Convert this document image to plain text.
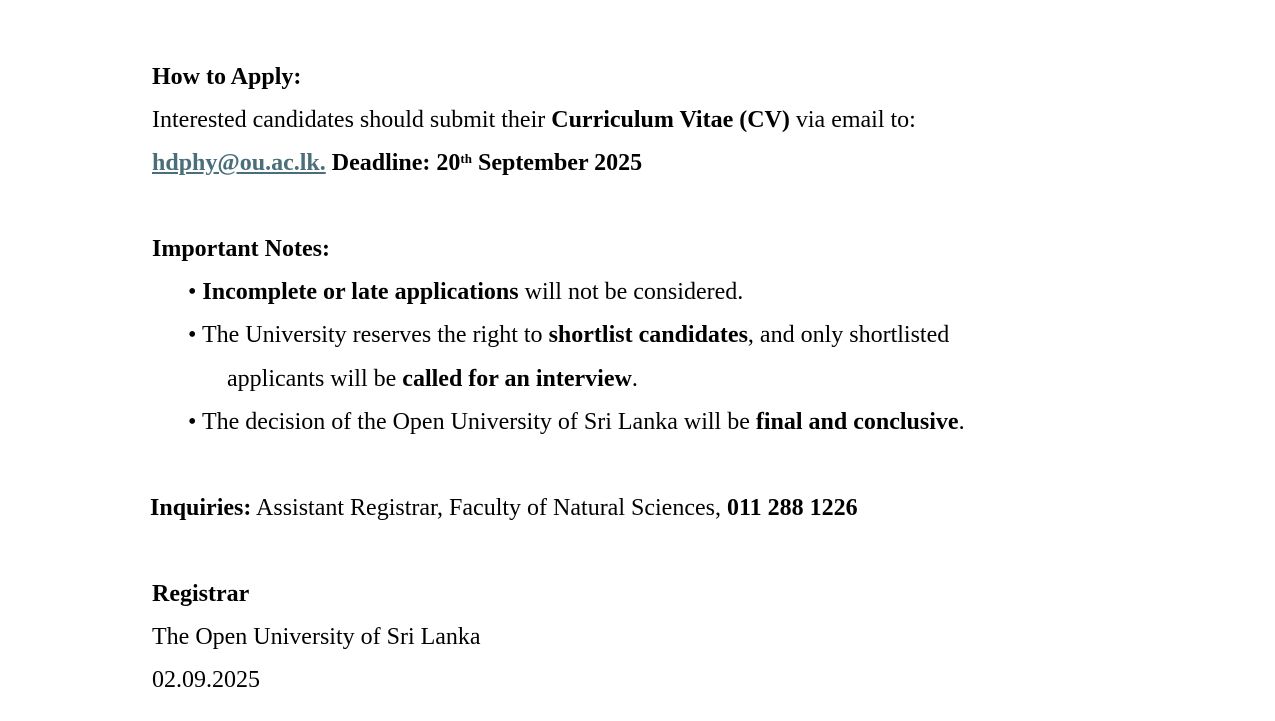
How to Apply:
Interested candidates should submit their Curriculum Vitae (CV) via email to:
hdphy@ou.ac.lk. Deadline: 20th September 2025
Important Notes:
• Incomplete or late applications will not be considered.
• The University reserves the right to shortlist candidates, and only shortlisted
applicants will be called for an interview.
• The decision of the Open University of Sri Lanka will be final and conclusive.
Inquiries: Assistant Registrar, Faculty of Natural Sciences, 011 288 1226
Registrar
The Open University of Sri Lanka
02.09.2025
